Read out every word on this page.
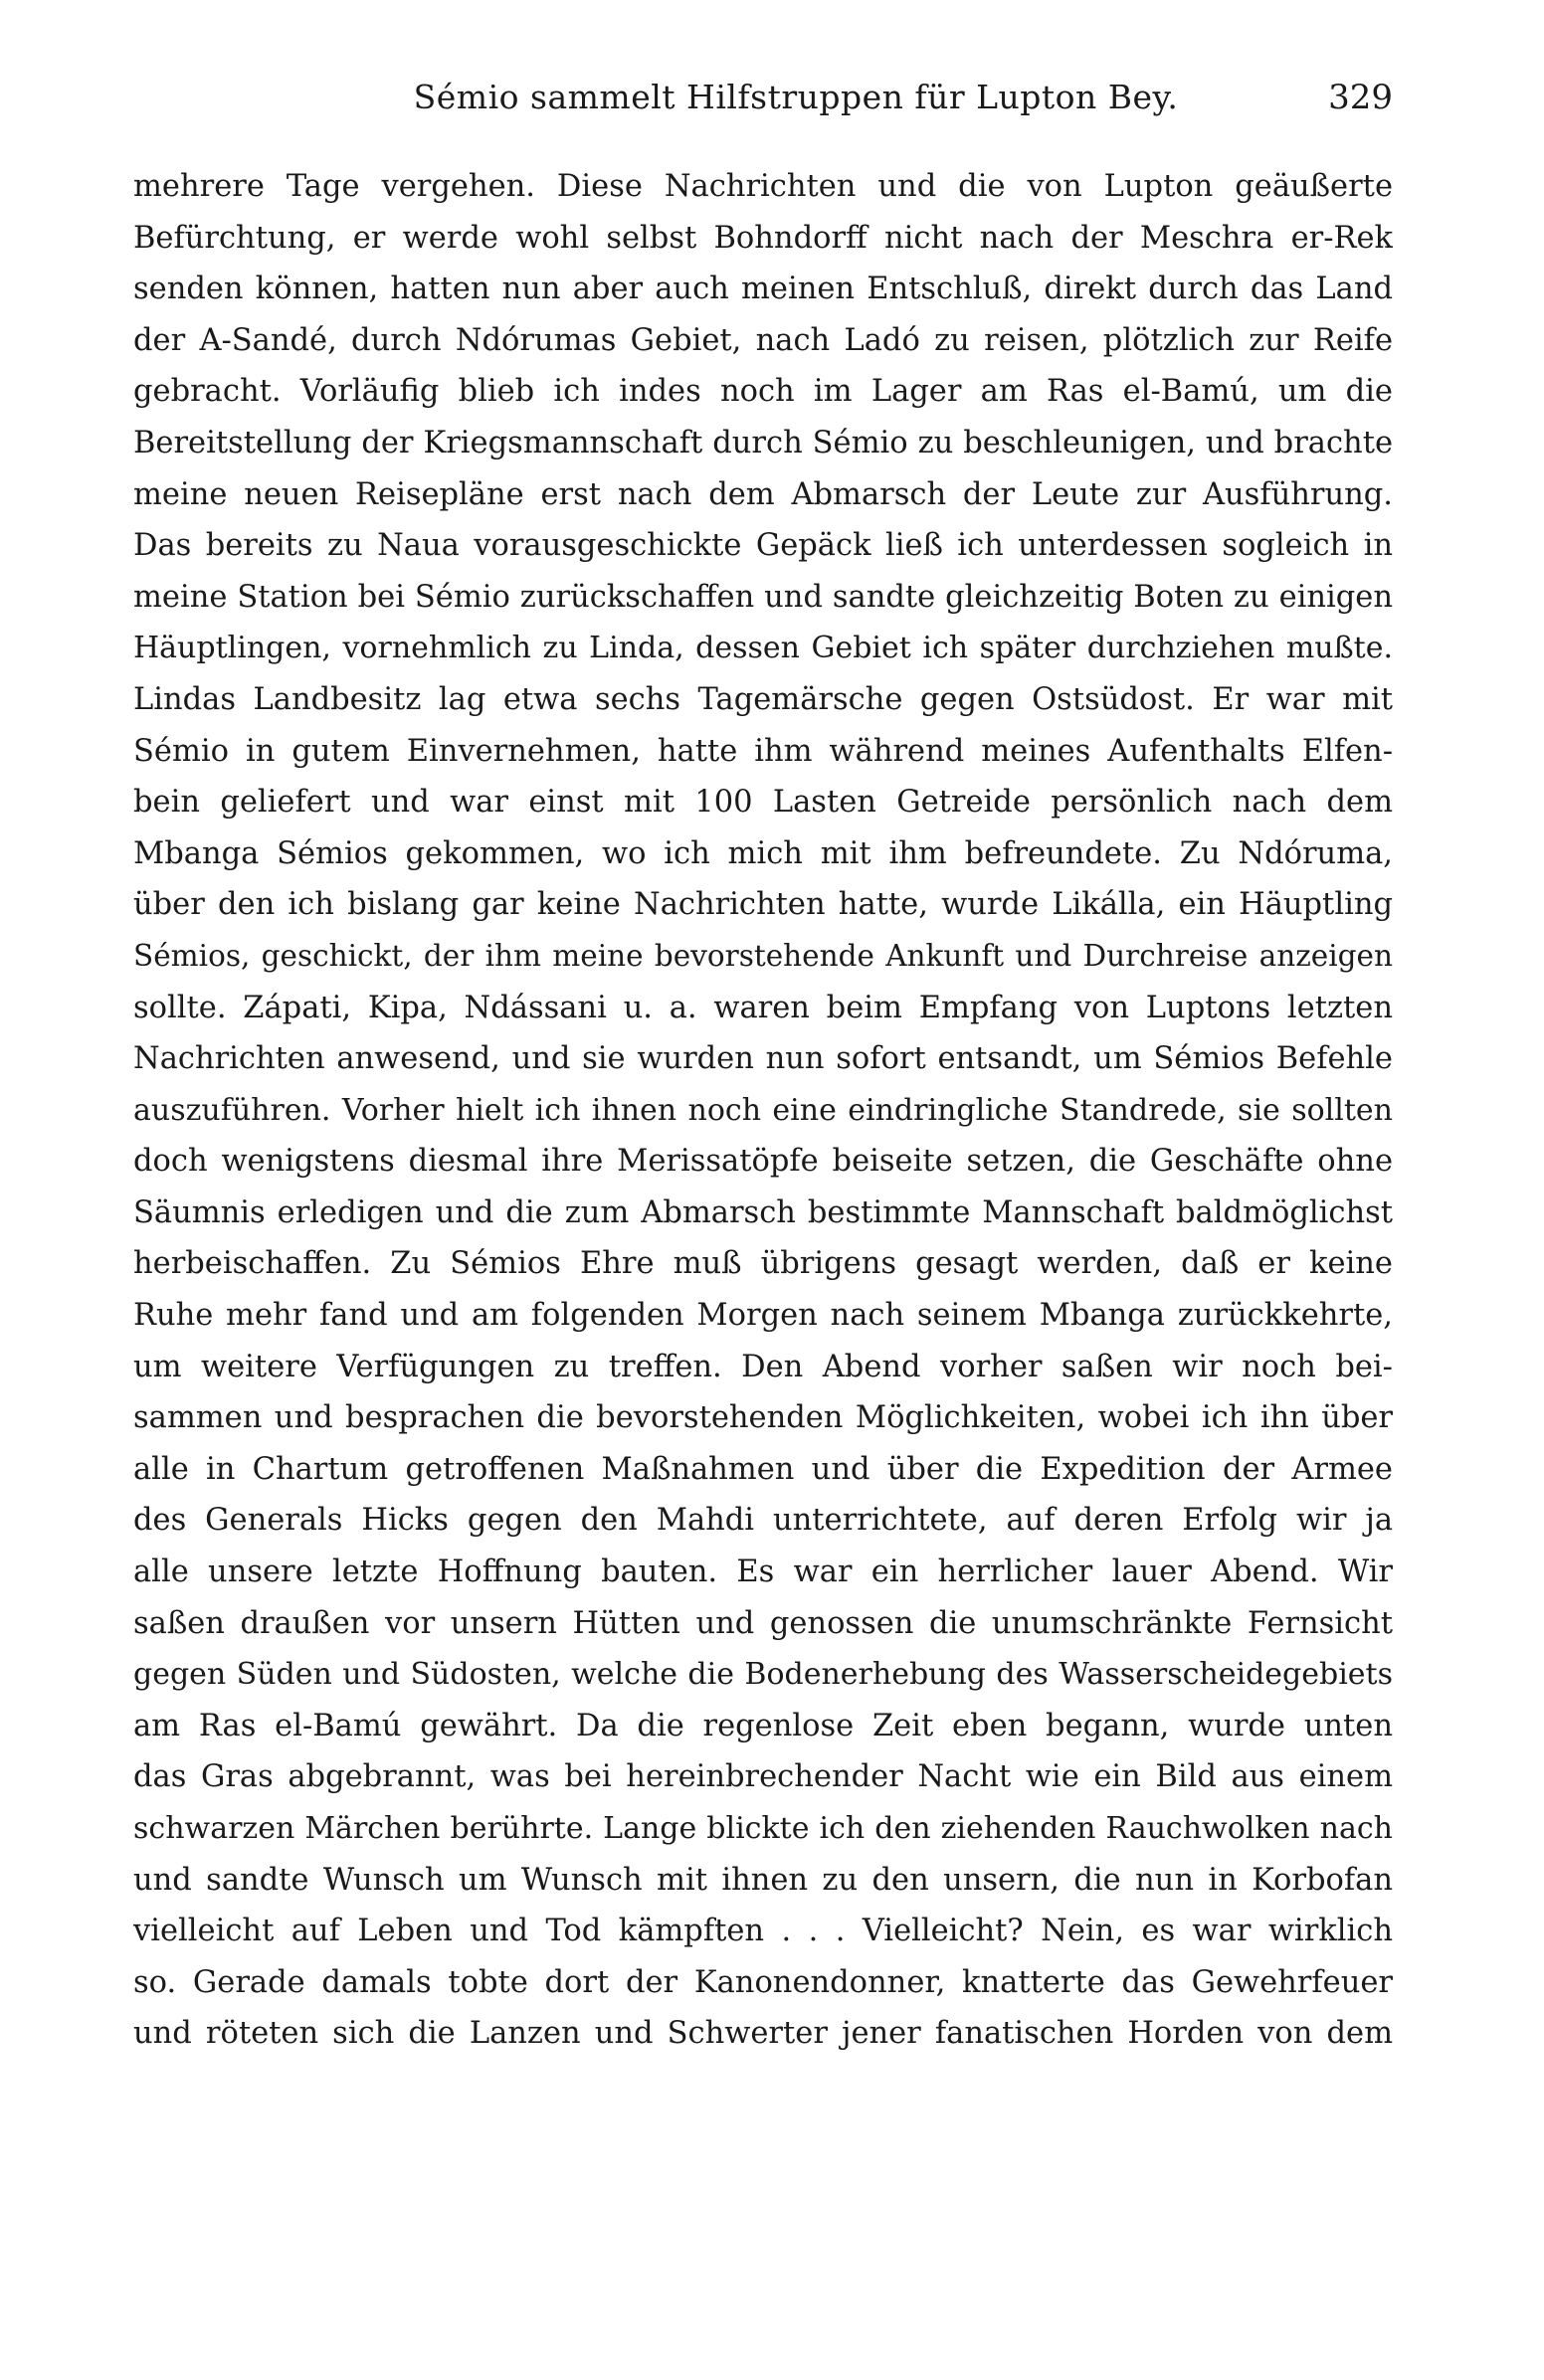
Sémio sammelt Hilfstruppen für Lupton Bey.	329
mehrere Tage vergehen. Diese Nachrichten und die von Lupton geäußerte
Befürchtung, er werde wohl selbst Bohndorff nicht nach der Meschra er-Rek
senden können, hatten nun aber auch meinen Entschluß, direkt durch das Land
der A-Sandé, durch Ndórumas Gebiet, nach Ladó zu reisen, plötzlich zur Reife
gebracht. Vorläufig blieb ich indes noch im Lager am Ras el-Bamú, um die
Bereitstellung der Kriegsmannschaft durch Sémio zu beschleunigen, und brachte
meine neuen Reisepläne erst nach dem Abmarsch der Leute zur Ausführung.
Das bereits zu Naua vorausgeschickte Gepäck ließ ich unterdessen sogleich in
meine Station bei Sémio zurückschaffen und sandte gleichzeitig Boten zu einigen
Häuptlingen, vornehmlich zu Linda, dessen Gebiet ich später durchziehen mußte.
Lindas Landbesitz lag etwa sechs Tagemärsche gegen Ostsüdost. Er war mit
Sémio in gutem Einvernehmen, hatte ihm während meines Aufenthalts Elfen-
bein geliefert und war einst mit 100 Lasten Getreide persönlich nach dem
Mbanga Sémios gekommen, wo ich mich mit ihm befreundete. Zu Ndóruma,
über den ich bislang gar keine Nachrichten hatte, wurde Likálla, ein Häuptling
Sémios, geschickt, der ihm meine bevorstehende Ankunft und Durchreise anzeigen
sollte. Zápati, Kipa, Ndássani u. a. waren beim Empfang von Luptons letzten
Nachrichten anwesend, und sie wurden nun sofort entsandt, um Sémios Befehle
auszuführen. Vorher hielt ich ihnen noch eine eindringliche Standrede, sie sollten
doch wenigstens diesmal ihre Merissatöpfe beiseite setzen, die Geschäfte ohne
Säumnis erledigen und die zum Abmarsch bestimmte Mannschaft baldmöglichst
herbeischaffen. Zu Sémios Ehre muß übrigens gesagt werden, daß er keine
Ruhe mehr fand und am folgenden Morgen nach seinem Mbanga zurückkehrte,
um weitere Verfügungen zu treffen. Den Abend vorher saßen wir noch bei-
sammen und besprachen die bevorstehenden Möglichkeiten, wobei ich ihn über
alle in Chartum getroffenen Maßnahmen und über die Expedition der Armee
des Generals Hicks gegen den Mahdi unterrichtete, auf deren Erfolg wir ja
alle unsere letzte Hoffnung bauten. Es war ein herrlicher lauer Abend. Wir
saßen draußen vor unsern Hütten und genossen die unumschränkte Fernsicht
gegen Süden und Südosten, welche die Bodenerhebung des Wasserscheidegebiets
am Ras el-Bamú gewährt. Da die regenlose Zeit eben begann, wurde unten
das Gras abgebrannt, was bei hereinbrechender Nacht wie ein Bild aus einem
schwarzen Märchen berührte. Lange blickte ich den ziehenden Rauchwolken nach
und sandte Wunsch um Wunsch mit ihnen zu den unsern, die nun in Korbofan
vielleicht auf Leben und Tod kämpften . . . Vielleicht? Nein, es war wirklich
so. Gerade damals tobte dort der Kanonendonner, knatterte das Gewehrfeuer
und röteten sich die Lanzen und Schwerter jener fanatischen Horden von dem
